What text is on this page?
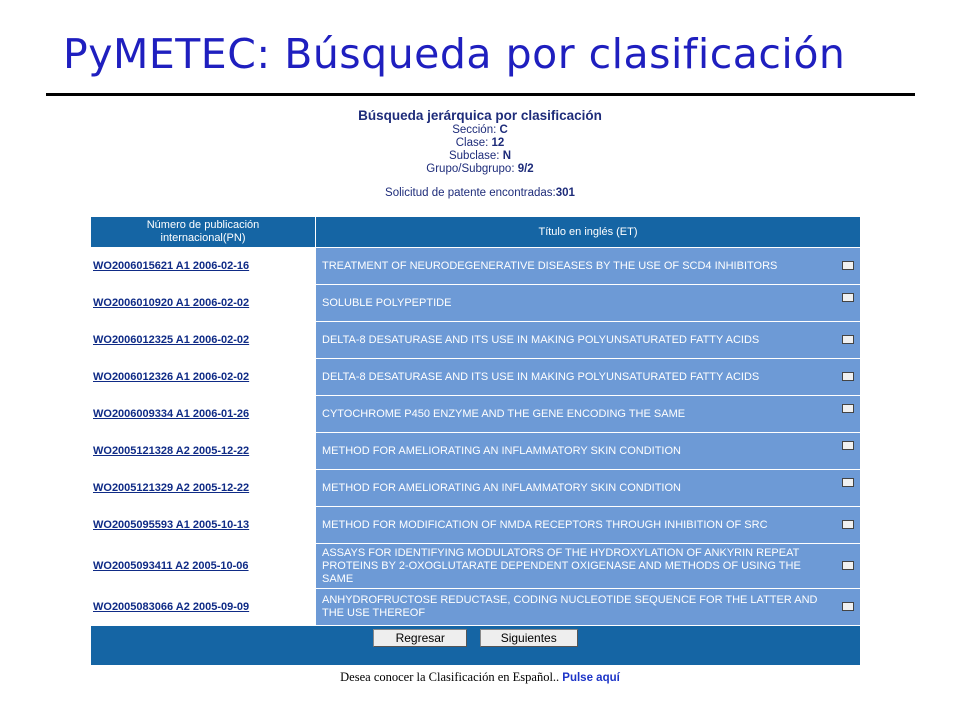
PyMETEC: Búsqueda por clasificación
Búsqueda jerárquica por clasificación
Sección: C
Clase: 12
Subclase: N
Grupo/Subgrupo: 9/2
Solicitud de patente encontradas:301
Número de publicación
internacional(PN)	Título en inglés (ET)
WO2006015621 A1 2006-02-16	TREATMENT OF NEURODEGENERATIVE DISEASES BY THE USE OF SCD4 INHIBITORS

WO2006010920 A1 2006-02-02	SOLUBLE POLYPEPTIDE

WO2006012325 A1 2006-02-02	DELTA-8 DESATURASE AND ITS USE IN MAKING POLYUNSATURATED FATTY ACIDS

WO2006012326 A1 2006-02-02	DELTA-8 DESATURASE AND ITS USE IN MAKING POLYUNSATURATED FATTY ACIDS

WO2006009334 A1 2006-01-26	CYTOCHROME P450 ENZYME AND THE GENE ENCODING THE SAME

WO2005121328 A2 2005-12-22	METHOD FOR AMELIORATING AN INFLAMMATORY SKIN CONDITION

WO2005121329 A2 2005-12-22	METHOD FOR AMELIORATING AN INFLAMMATORY SKIN CONDITION

WO2005095593 A1 2005-10-13	METHOD FOR MODIFICATION OF NMDA RECEPTORS THROUGH INHIBITION OF SRC

WO2005093411 A2 2005-10-06	ASSAYS FOR IDENTIFYING MODULATORS OF THE HYDROXYLATION OF ANKYRIN REPEAT PROTEINS BY 2-OXOGLUTARATE DEPENDENT OXIGENASE AND METHODS OF USING THE SAME

WO2005083066 A2 2005-09-09	ANHYDROFRUCTOSE REDUCTASE, CODING NUCLEOTIDE SEQUENCE FOR THE LATTER AND THE USE THEREOF

Regresar Siguientes	
Desea conocer la Clasificación en Español.. Pulse aquí
